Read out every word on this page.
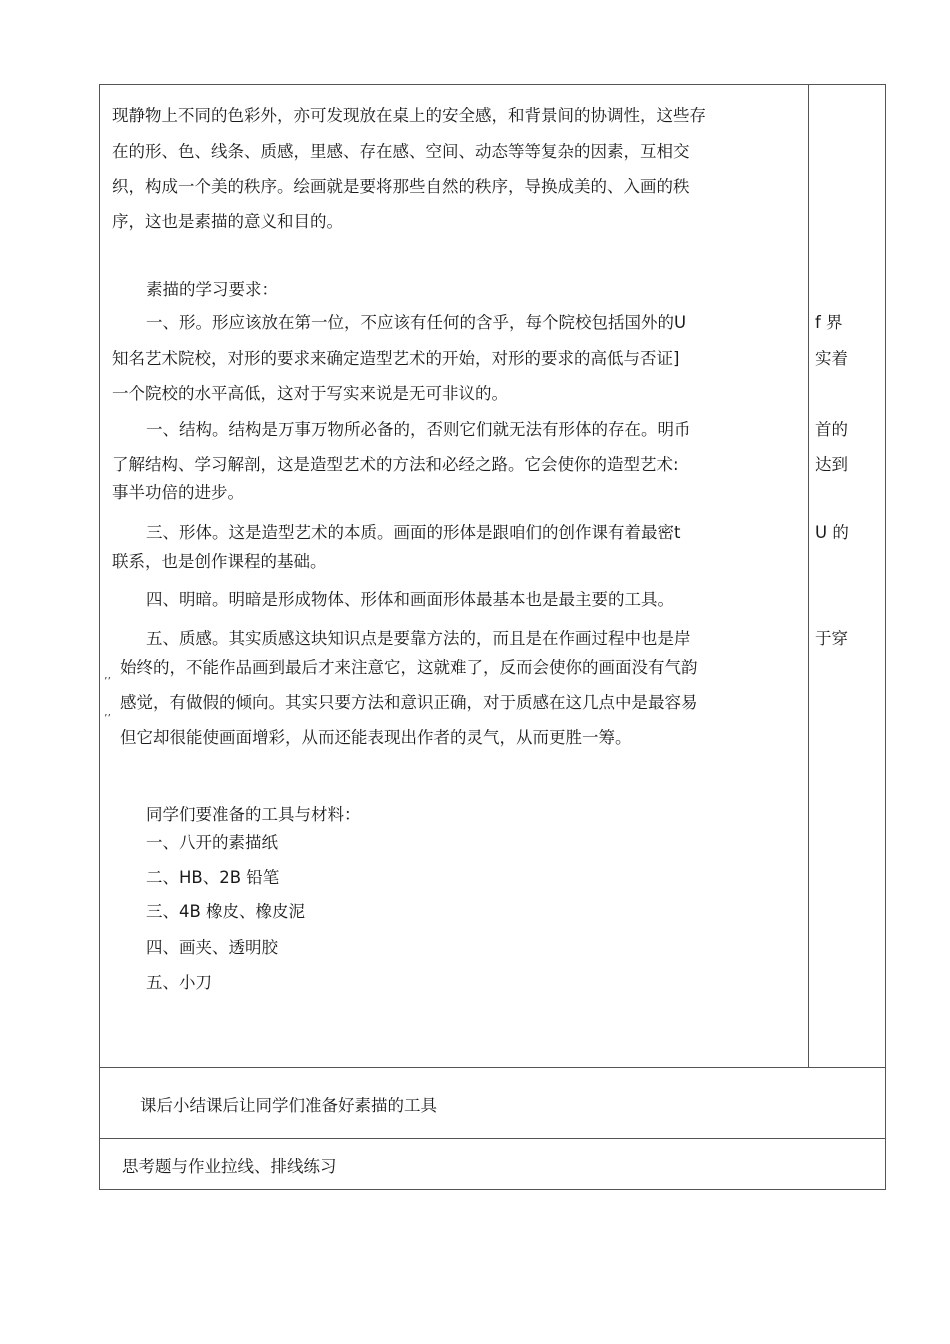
现静物上不同的色彩外，亦可发现放在桌上的安全感，和背景间的协调性，这些存
在的形、色、线条、质感，里感、存在感、空间、动态等等复杂的因素，互相交
织，构成一个美的秩序。绘画就是要将那些自然的秩序，导换成美的、入画的秩
序，这也是素描的意义和目的。
素描的学习要求：
一、形。形应该放在第一位，不应该有任何的含乎，每个院校包括国外的U
知名艺术院校，对形的要求来确定造型艺术的开始，对形的要求的高低与否证]
一个院校的水平高低，这对于写实来说是无可非议的。
一、结构。结构是万事万物所必备的，否则它们就无法有形体的存在。明币
了解结构、学习解剖，这是造型艺术的方法和必经之路。它会使你的造型艺术:
事半功倍的进步。
三、形体。这是造型艺术的本质。画面的形体是跟咱们的创作课有着最密t
联系，也是创作课程的基础。
四、明暗。明暗是形成物体、形体和画面形体最基本也是最主要的工具。
五、质感。其实质感这块知识点是要靠方法的，而且是在作画过程中也是岸
’’
始终的，不能作品画到最后才来注意它，这就难了，反而会使你的画面没有气韵
感觉，有做假的倾向。其实只要方法和意识正确，对于质感在这几点中是最容易
’’
但它却很能使画面增彩，从而还能表现出作者的灵气，从而更胜一筹。
同学们要准备的工具与材料：
一、八开的素描纸
二、HB、2B 铅笔
三、4B 橡皮、橡皮泥
四、画夹、透明胶
五、小刀
f 界
实着
首的
达到
U 的
于穿
课后小结课后让同学们准备好素描的工具
思考题与作业拉线、排线练习
